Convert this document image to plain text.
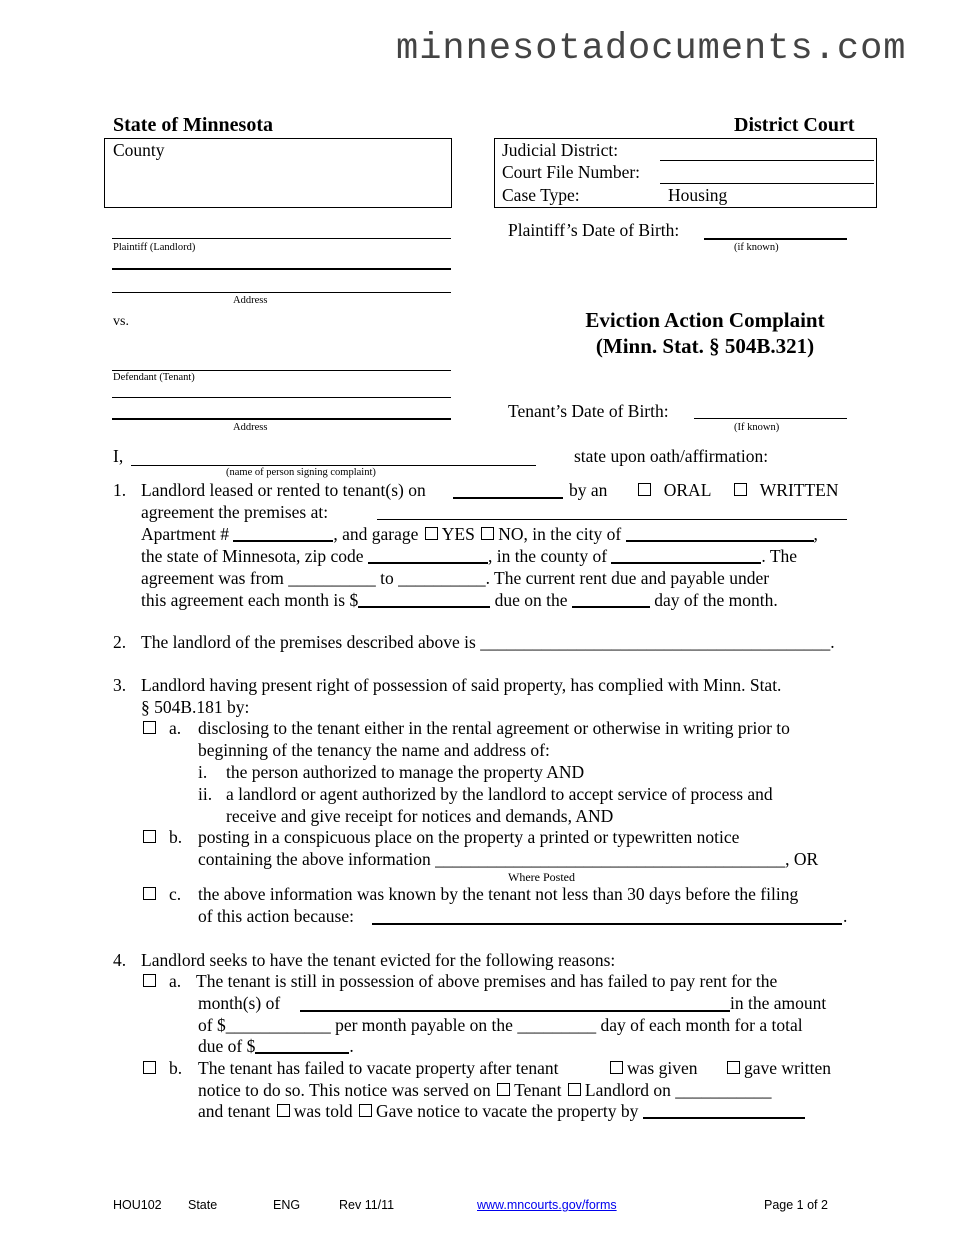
minnesotadocuments.com
State of Minnesota	District Court
County	Judicial District:
Court File Number:
Case Type:	Housing
Plaintiff (Landlord)
Address
Plaintiff’s Date of Birth:
(if known)
vs.	Eviction Action Complaint
(Minn. Stat. § 504B.321)
Defendant (Tenant)
Address
Tenant’s Date of Birth:
(If known)
I,	state upon oath/affirmation:
(name of person signing complaint)
1. Landlord leased or rented to tenant(s) on	by an	ORAL	WRITTEN
agreement the premises at:
Apartment #	, and garage YES NO, in the city of	,
the state of Minnesota, zip code	, in the county of	. The
agreement was from __________ to __________. The current rent due and payable under
this agreement each month is $	due on the	day of the month.
2. The landlord of the premises described above is ________________________________________.
3. Landlord having present right of possession of said property, has complied with Minn. Stat.
§ 504B.181 by:
a. disclosing to the tenant either in the rental agreement or otherwise in writing prior to
beginning of the tenancy the name and address of:
i. the person authorized to manage the property AND
ii. a landlord or agent authorized by the landlord to accept service of process and
receive and give receipt for notices and demands, AND
b. posting in a conspicuous place on the property a printed or typewritten notice
containing the above information ________________________________________, OR
Where Posted
c. the above information was known by the tenant not less than 30 days before the filing
of this action because:	.
4. Landlord seeks to have the tenant evicted for the following reasons:
a. The tenant is still in possession of above premises and has failed to pay rent for the
month(s) of	in the amount
of $____________ per month payable on the _________ day of each month for a total
due of $	.
b. The tenant has failed to vacate property after tenant	was given	gave written
notice to do so. This notice was served on Tenant Landlord on ___________
and tenant was told Gave notice to vacate the property by
HOU102 State	ENG	Rev 11/11	www.mncourts.gov/forms	Page 1 of 2
